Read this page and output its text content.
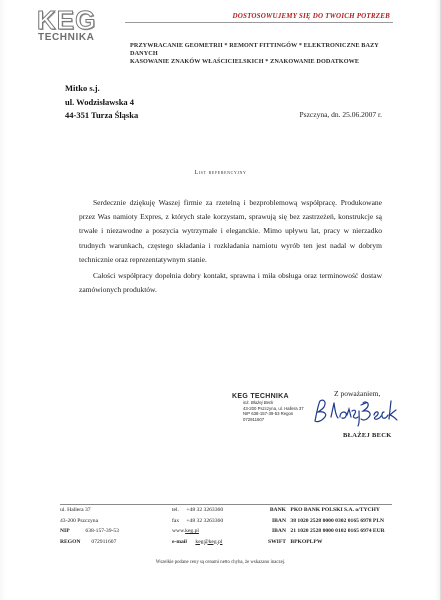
KEG
TECHNIKA
DOSTOSOWUJEMY SIĘ DO TWOICH POTRZEB
PRZYWRACANIE GEOMETRII * REMONT FITTINGÓW * ELEKTRONICZNE BAZY DANYCH
KASOWANIE ZNAKÓW WŁAŚCICIELSKICH * ZNAKOWANIE DODATKOWE
Mitko s.j.
ul. Wodzisławska 4
44-351 Turza Śląska	Pszczyna, dn. 25.06.2007 r.
List referencyjny

Serdecznie dziękuję Waszej firmie za rzetelną i bezproblemową współpracę. Produkowane przez Was namioty Expres, z których stale korzystam, sprawują się bez zastrzeżeń, konstrukcje są trwałe i niezawodne a poszycia wytrzymałe i eleganckie. Mimo upływu lat, pracy w nierzadko trudnych warunkach, częstego składania i rozkładania namiotu wyrób ten jest nadal w dobrym technicznie oraz reprezentatywnym stanie.

Całości współpracy dopełnia dobry kontakt, sprawna i miła obsługa oraz terminowość dostaw zamówionych produktów.

Z poważaniem,
KEG TECHNIKA
inż. Błażej Beck
43-200 Pszczyna, ul. Hallera 37
NIP 638-157-39-53 Regon 072911607
BŁAŻEJ BECK
ul. Hallera 37
43-200 Pszczyna
NIP	638-157-39-53
REGON 072911607
tel. +48 32 3263360
fax +48 32 3263360
www.keg.pl
e-mail keg@keg.pl
BANK PKO BANK POLSKI S.A. o/TYCHY
IBAN 38 1020 2528 0000 0302 0165 6978 PLN
IBAN 21 1020 2528 0000 0102 0165 6974 EUR
SWIFT BPKOPLPW
Wszelkie podane ceny są cenami netto chyba, że wskazano inaczej.
